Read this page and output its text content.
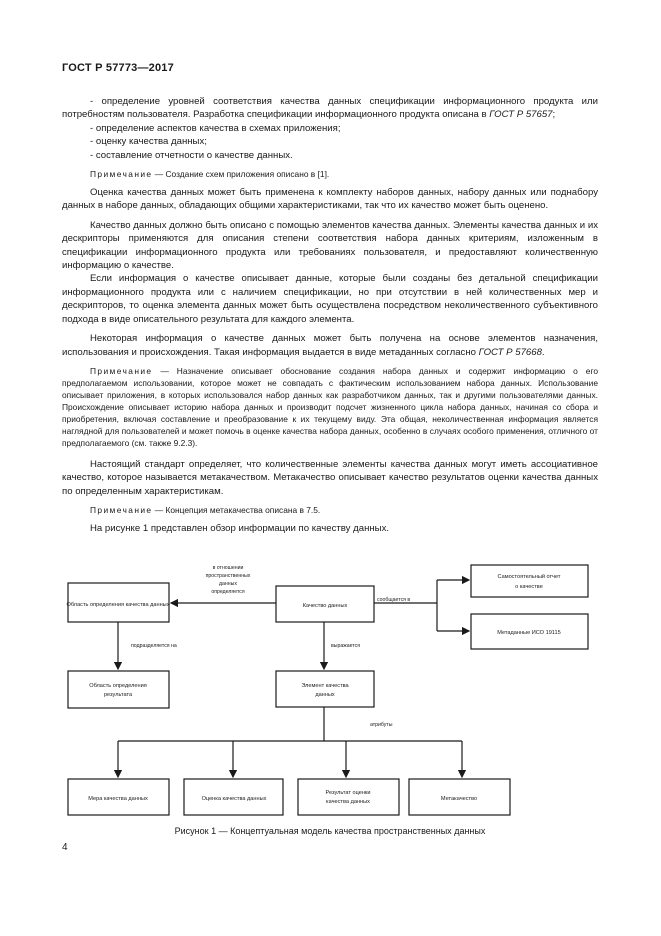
ГОСТ Р 57773—2017

- определение уровней соответствия качества данных спецификации информационного продукта или потребностям пользователя. Разработка спецификации информационного продукта описана в ГОСТ Р 57657;

- определение аспектов качества в схемах приложения;

- оценку качества данных;

- составление отчетности о качестве данных.

Примечание — Создание схем приложения описано в [1].

Оценка качества данных может быть применена к комплекту наборов данных, набору данных или поднабору данных в наборе данных, обладающих общими характеристиками, так что их качество может быть оценено.

Качество данных должно быть описано с помощью элементов качества данных. Элементы качества данных и их дескрипторы применяются для описания степени соответствия набора данных критериям, изложенным в спецификации информационного продукта или требованиях пользователя, и предоставляют количественную информацию о качестве.

Если информация о качестве описывает данные, которые были созданы без детальной спецификации информационного продукта или с наличием спецификации, но при отсутствии в ней количественных мер и дескрипторов, то оценка элемента данных может быть осуществлена посредством неколичественного субъективного подхода в виде описательного результата для каждого элемента.

Некоторая информация о качестве данных может быть получена на основе элементов назначения, использования и происхождения. Такая информация выдается в виде метаданных согласно ГОСТ Р 57668.

Примечание — Назначение описывает обоснование создания набора данных и содержит информацию о его предполагаемом использовании, которое может не совпадать с фактическим использованием набора данных. Использование описывает приложения, в которых использовался набор данных как разработчиком данных, так и другими пользователями данных. Происхождение описывает историю набора данных и производит подсчет жизненного цикла набора данных, начиная со сбора и приобретения, включая составление и преобразование к их текущему виду. Эта общая, неколичественная информация является наглядной для пользователей и может помочь в оценке качества набора данных, особенно в случаях особого применения, отличного от предполагаемого (см. также 9.2.3).

Настоящий стандарт определяет, что количественные элементы качества данных могут иметь ассоциативное качество, которое называется метакачеством. Метакачество описывает качество результатов оценки качества данных по определенным характеристикам.

Примечание — Концепция метакачества описана в 7.5.

На рисунке 1 представлен обзор информации по качеству данных.

Область определения качества данных	Качество данных
Самостоятельный отчет
о качестве
Метаданные ИСО 19115
Область определения
результата
Элемент качества
данных
Мера качества данных	Оценка качества данных
Результат оценки
качества данных	Метакачество
в отношении
пространственных
данных
определяется
сообщается в
подразделяется на	выражается
атрибуты
Рисунок 1 — Концептуальная модель качества пространственных данных
4
